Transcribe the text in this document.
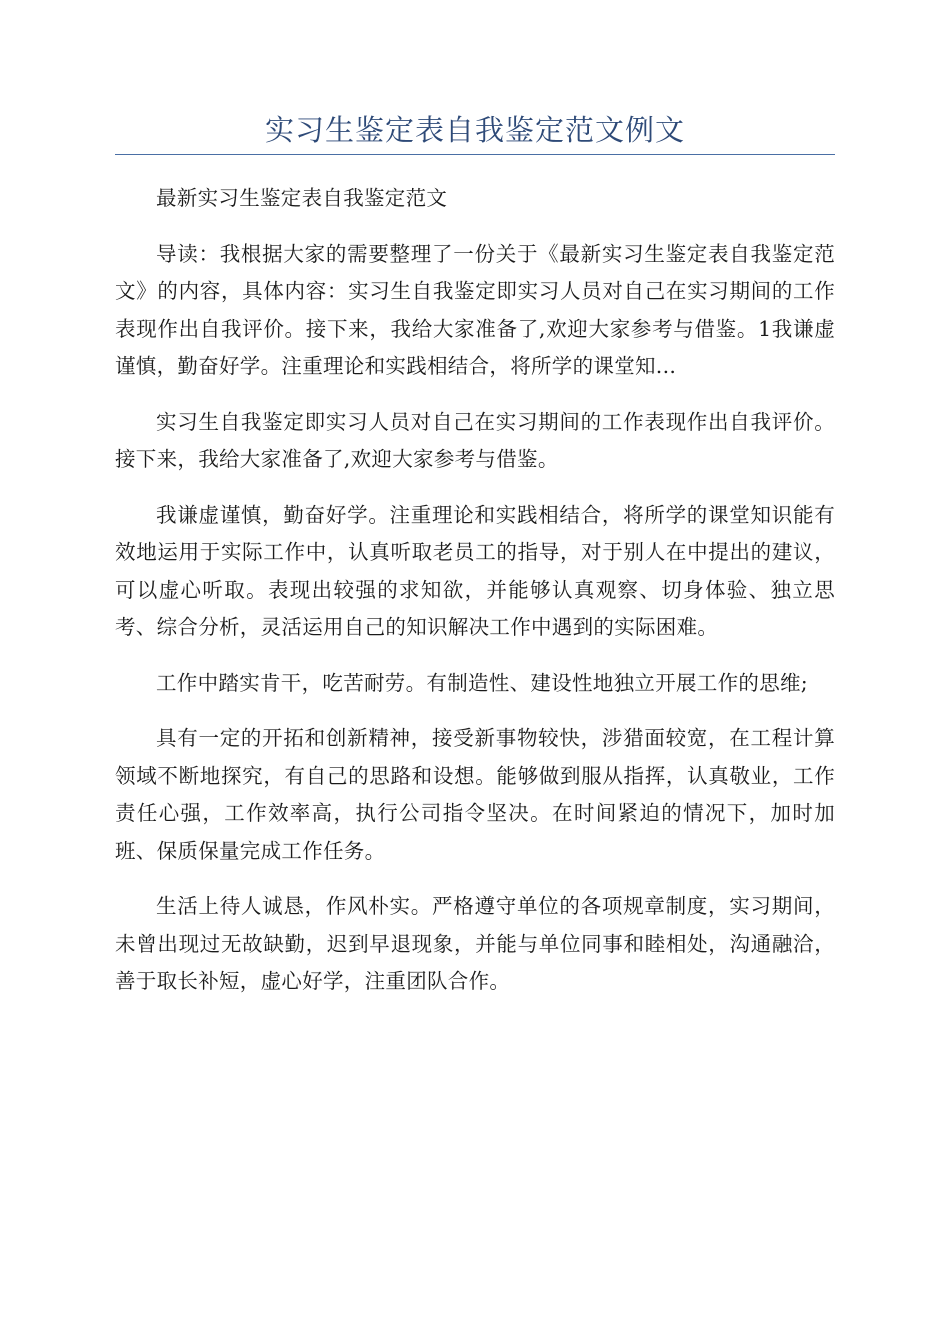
实习生鉴定表自我鉴定范文例文

最新实习生鉴定表自我鉴定范文

导读：我根据大家的需要整理了一份关于《最新实习生鉴定表自我鉴定范文》的内容，具体内容：实习生自我鉴定即实习人员对自己在实习期间的工作表现作出自我评价。接下来，我给大家准备了,欢迎大家参考与借鉴。1我谦虚谨慎，勤奋好学。注重理论和实践相结合，将所学的课堂知...

实习生自我鉴定即实习人员对自己在实习期间的工作表现作出自我评价。接下来，我给大家准备了,欢迎大家参考与借鉴。

我谦虚谨慎，勤奋好学。注重理论和实践相结合，将所学的课堂知识能有效地运用于实际工作中，认真听取老员工的指导，对于别人在中提出的建议，可以虚心听取。表现出较强的求知欲，并能够认真观察、切身体验、独立思考、综合分析，灵活运用自己的知识解决工作中遇到的实际困难。

工作中踏实肯干，吃苦耐劳。有制造性、建设性地独立开展工作的思维;

具有一定的开拓和创新精神，接受新事物较快，涉猎面较宽，在工程计算领域不断地探究，有自己的思路和设想。能够做到服从指挥，认真敬业，工作责任心强，工作效率高，执行公司指令坚决。在时间紧迫的情况下，加时加班、保质保量完成工作任务。

生活上待人诚恳，作风朴实。严格遵守单位的各项规章制度，实习期间，未曾出现过无故缺勤，迟到早退现象，并能与单位同事和睦相处，沟通融洽，善于取长补短，虚心好学，注重团队合作。
